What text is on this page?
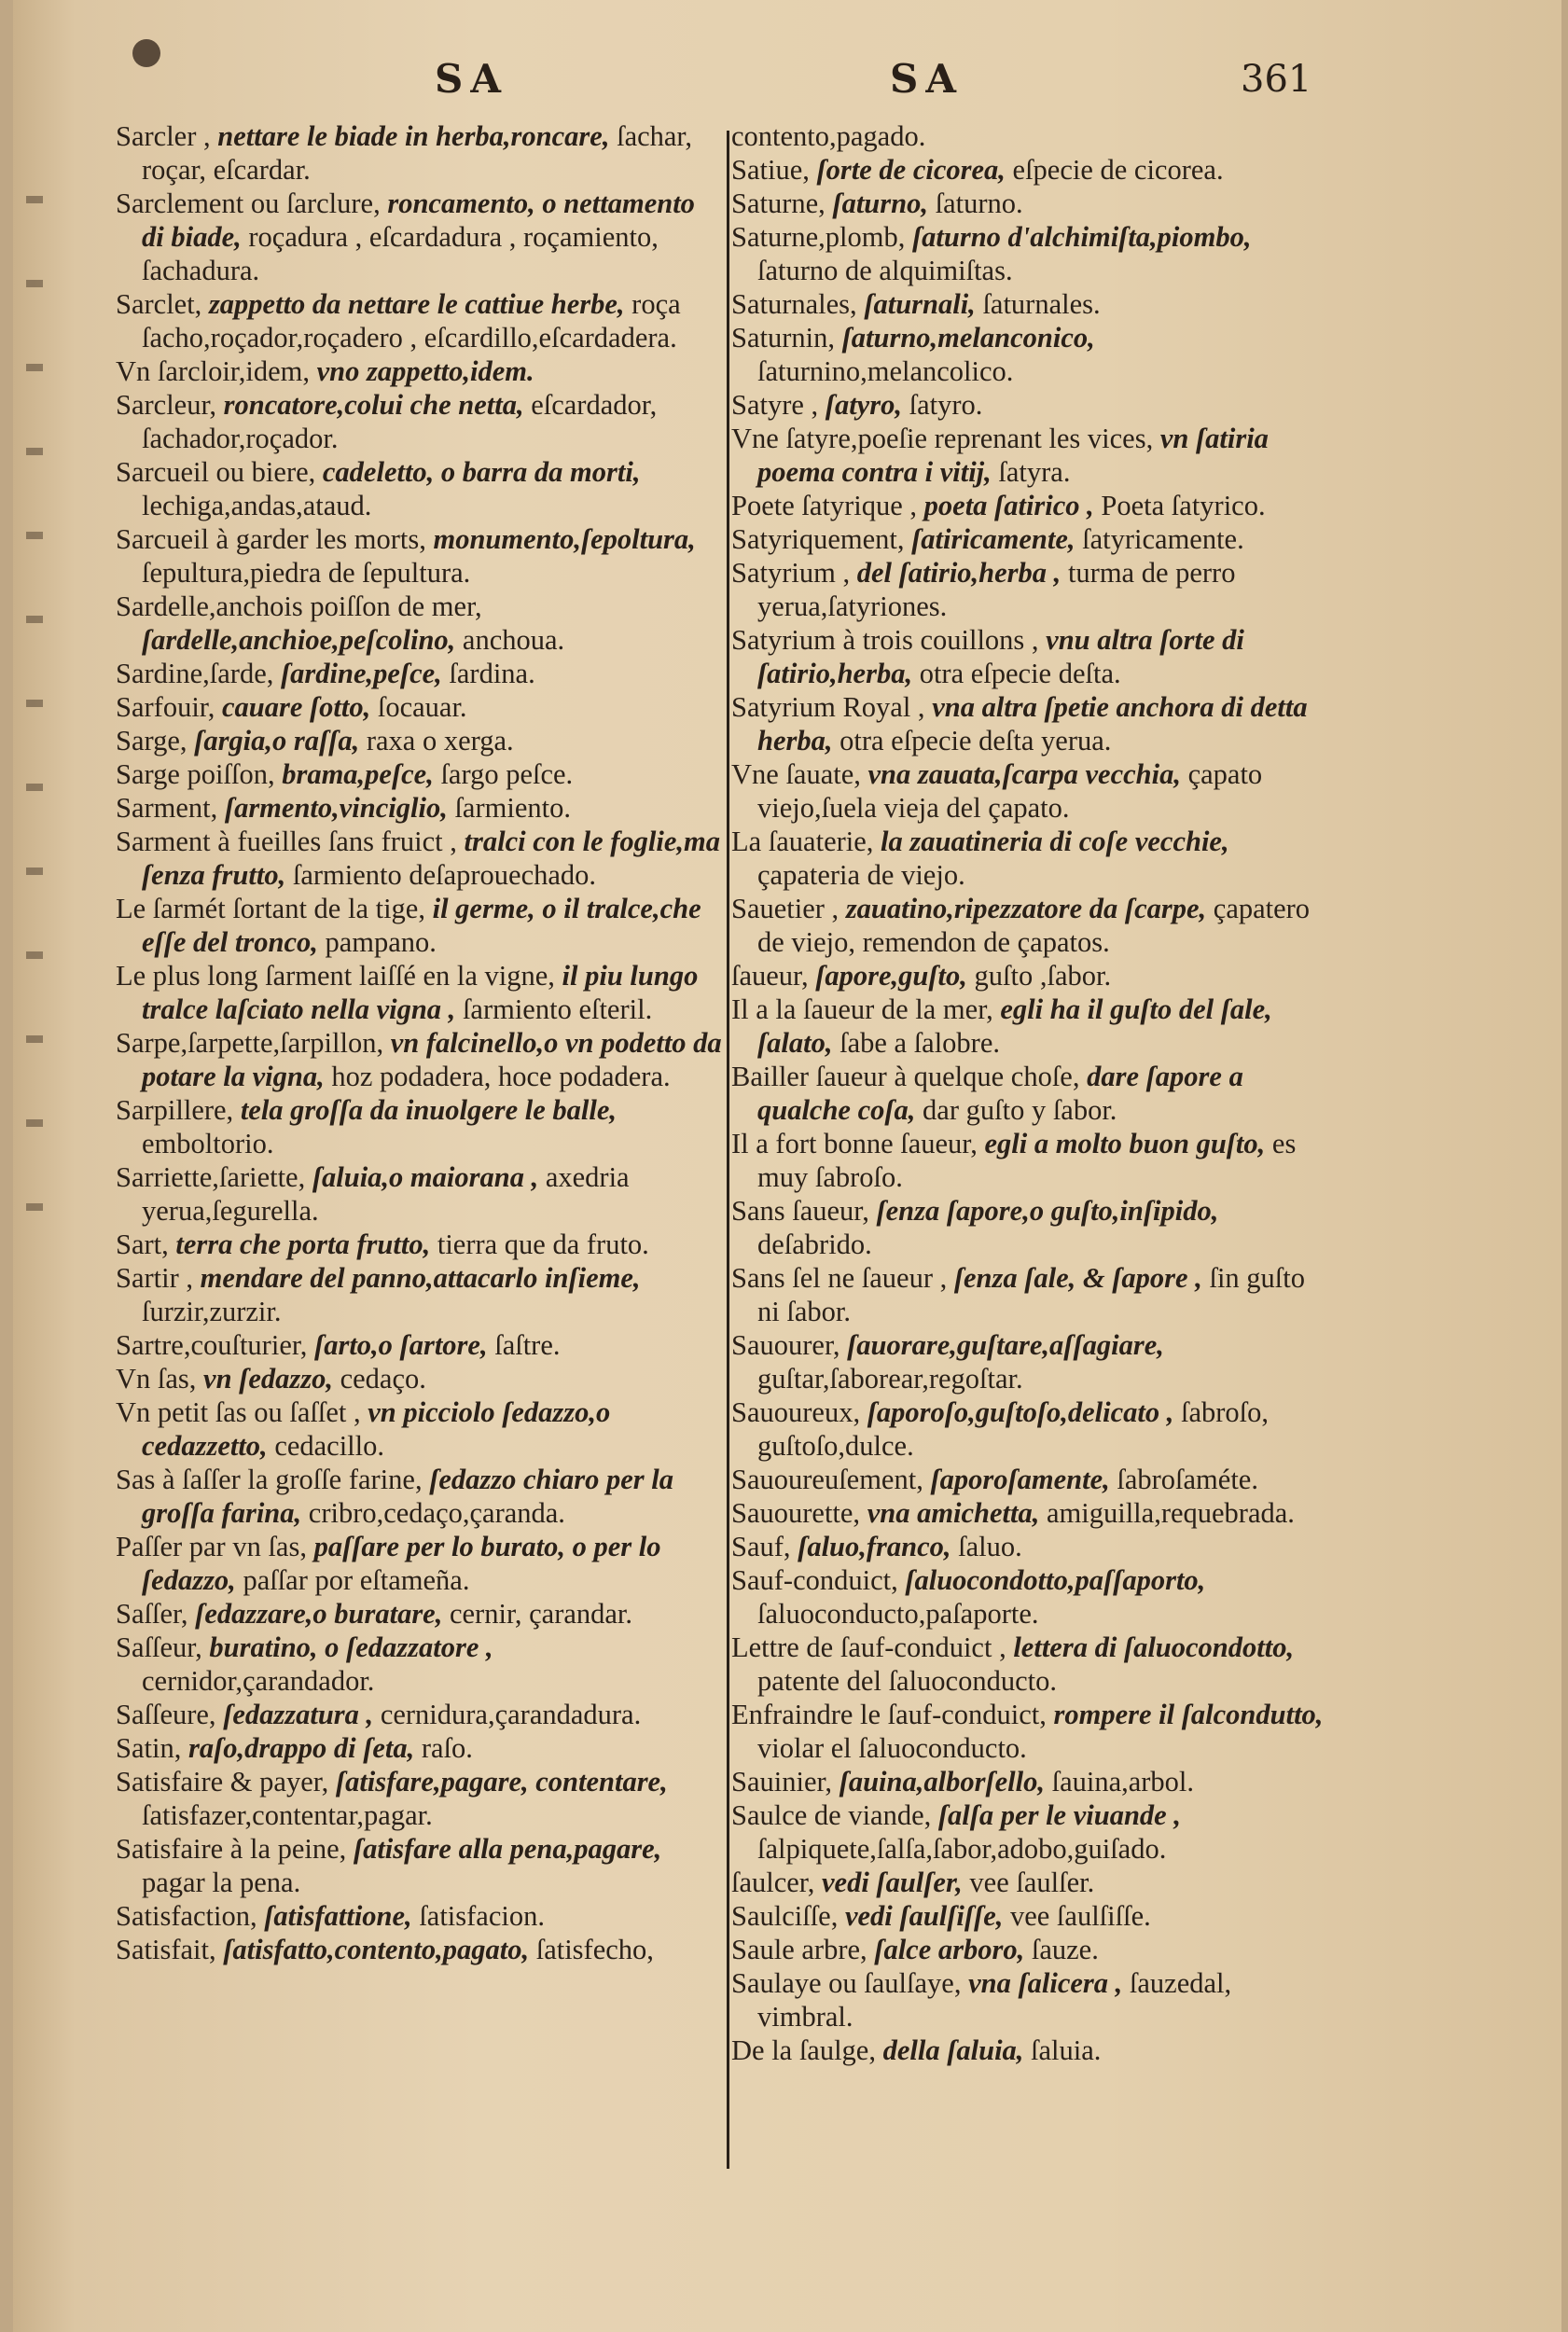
SA	SA	361
Sarcler , nettare le biade in herba,roncare, ſachar, roçar, eſcardar.
Sarclement ou ſarclure, roncamento, o nettamento di biade, roçadura , eſcardadura , roçamiento, ſachadura.
Sarclet, zappetto da nettare le cattiue herbe, roça ſacho,roçador,roçadero , eſcardillo,eſcardadera.
Vn ſarcloir,idem, vno zappetto,idem.
Sarcleur, roncatore,colui che netta, eſcardador, ſachador,roçador.
Sarcueil ou biere, cadeletto, o barra da morti, lechiga,andas,ataud.
Sarcueil à garder les morts, monumento,ſepoltura, ſepultura,piedra de ſepultura.
Sardelle,anchois poiſſon de mer, ſardelle,anchioe,peſcolino, anchoua.
Sardine,ſarde, ſardine,peſce, ſardina.
Sarfouir, cauare ſotto, ſocauar.
Sarge, ſargia,o raſſa, raxa o xerga.
Sarge poiſſon, brama,peſce, ſargo peſce.
Sarment, ſarmento,vinciglio, ſarmiento.
Sarment à fueilles ſans fruict , tralci con le foglie,ma ſenza frutto, ſarmiento deſaprouechado.
Le ſarmét ſortant de la tige, il germe, o il tralce,che eſſe del tronco, pampano.
Le plus long ſarment laiſſé en la vigne, il piu lungo tralce laſciato nella vigna , ſarmiento eſteril.
Sarpe,ſarpette,ſarpillon, vn falcinello,o vn podetto da potare la vigna, hoz podadera, hoce podadera.
Sarpillere, tela groſſa da inuolgere le balle, emboltorio.
Sarriette,ſariette, ſaluia,o maiorana , axedria yerua,ſegurella.
Sart, terra che porta frutto, tierra que da fruto.
Sartir , mendare del panno,attacarlo inſieme, ſurzir,zurzir.
Sartre,couſturier, ſarto,o ſartore, ſaſtre.
Vn ſas, vn ſedazzo, cedaço.
Vn petit ſas ou ſaſſet , vn picciolo ſedazzo,o cedazzetto, cedacillo.
Sas à ſaſſer la groſſe farine, ſedazzo chiaro per la groſſa farina, cribro,cedaço,çaranda.
Paſſer par vn ſas, paſſare per lo burato, o per lo ſedazzo, paſſar por eſtameña.
Saſſer, ſedazzare,o buratare, cernir, çarandar.
Saſſeur, buratino, o ſedazzatore , cernidor,çarandador.
Saſſeure, ſedazzatura , cernidura,çarandadura.
Satin, raſo,drappo di ſeta, raſo.
Satisfaire & payer, ſatisfare,pagare, contentare, ſatisfazer,contentar,pagar.
Satisfaire à la peine, ſatisfare alla pena,pagare, pagar la pena.
Satisfaction, ſatisfattione, ſatisfacion.
Satisfait, ſatisfatto,contento,pagato, ſatisfecho,
contento,pagado.
Satiue, ſorte de cicorea, eſpecie de cicorea.
Saturne, ſaturno, ſaturno.
Saturne,plomb, ſaturno d'alchimiſta,piombo, ſaturno de alquimiſtas.
Saturnales, ſaturnali, ſaturnales.
Saturnin, ſaturno,melanconico, ſaturnino,melancolico.
Satyre , ſatyro, ſatyro.
Vne ſatyre,poeſie reprenant les vices, vn ſatiria poema contra i vitij, ſatyra.
Poete ſatyrique , poeta ſatirico , Poeta ſatyrico.
Satyriquement, ſatiricamente, ſatyricamente.
Satyrium , del ſatirio,herba , turma de perro yerua,ſatyriones.
Satyrium à trois couillons , vnu altra ſorte di ſatirio,herba, otra eſpecie deſta.
Satyrium Royal , vna altra ſpetie anchora di detta herba, otra eſpecie deſta yerua.
Vne ſauate, vna zauata,ſcarpa vecchia, çapato viejo,ſuela vieja del çapato.
La ſauaterie, la zauatineria di coſe vecchie, çapateria de viejo.
Sauetier , zauatino,ripezzatore da ſcarpe, çapatero de viejo, remendon de çapatos.
ſaueur, ſapore,guſto, guſto ,ſabor.
Il a la ſaueur de la mer, egli ha il guſto del ſale, ſalato, ſabe a ſalobre.
Bailler ſaueur à quelque choſe, dare ſapore a qualche coſa, dar guſto y ſabor.
Il a fort bonne ſaueur, egli a molto buon guſto, es muy ſabroſo.
Sans ſaueur, ſenza ſapore,o guſto,inſipido, deſabrido.
Sans ſel ne ſaueur , ſenza ſale, & ſapore , ſin guſto ni ſabor.
Sauourer, ſauorare,guſtare,aſſagiare, guſtar,ſaborear,regoſtar.
Sauoureux, ſaporoſo,guſtoſo,delicato , ſabroſo, guſtoſo,dulce.
Sauoureuſement, ſaporoſamente, ſabroſaméte.
Sauourette, vna amichetta, amiguilla,requebrada.
Sauf, ſaluo,franco, ſaluo.
Sauf-conduict, ſaluocondotto,paſſaporto, ſaluoconducto,paſaporte.
Lettre de ſauf-conduict , lettera di ſaluocondotto, patente del ſaluoconducto.
Enfraindre le ſauf-conduict, rompere il ſalcondutto, violar el ſaluoconducto.
Sauinier, ſauina,alborſello, ſauina,arbol.
Saulce de viande, ſalſa per le viuande , ſalpiquete,ſalſa,ſabor,adobo,guiſado.
ſaulcer, vedi ſaulſer, vee ſaulſer.
Saulciſſe, vedi ſaulſiſſe, vee ſaulſiſſe.
Saule arbre, ſalce arboro, ſauze.
Saulaye ou ſaulſaye, vna ſalicera , ſauzedal, vimbral.
De la ſaulge, della ſaluia, ſaluia.
